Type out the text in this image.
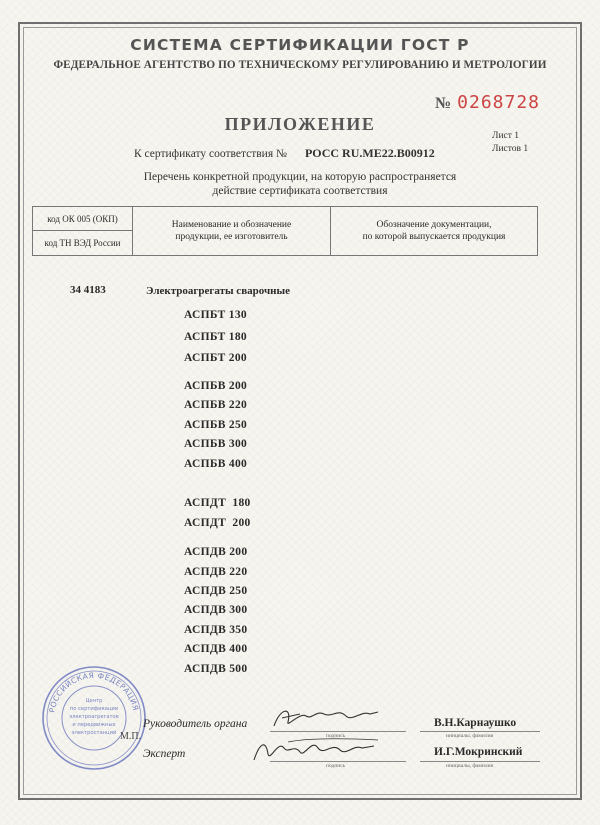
СИСТЕМА СЕРТИФИКАЦИИ ГОСТ Р
ФЕДЕРАЛЬНОЕ АГЕНТСТВО ПО ТЕХНИЧЕСКОМУ РЕГУЛИРОВАНИЮ И МЕТРОЛОГИИ
№ 0268728
ПРИЛОЖЕНИЕ
Лист 1
Листов 1
К сертификату соответствия № РОСС RU.МЕ22.В00912
Перечень конкретной продукции, на которую распространяется
действие сертификата соответствия
код ОК 005 (ОКП)
код ТН ВЭД России
Наименование и обозначение
продукции, ее изготовитель
Обозначение документации,
по которой выпускается продукция
34 4183	Электроагрегаты сварочные
АСПБТ 130
АСПБТ 180
АСПБТ 200
АСПБВ 200
АСПБВ 220
АСПБВ 250
АСПБВ 300
АСПБВ 400
АСПДТ  180
АСПДТ  200
АСПДВ 200
АСПДВ 220
АСПДВ 250
АСПДВ 300
АСПДВ 350
АСПДВ 400
АСПДВ 500
РОССИЙСКАЯ ФЕДЕРАЦИЯ
Центр
по сертификации
электроагрегатов
и передвижных
электростанций М.П.
Руководитель органа
подпись
В.Н.Карнаушко
инициалы, фамилия
Эксперт
подпись
И.Г.Мокринский
инициалы, фамилия
